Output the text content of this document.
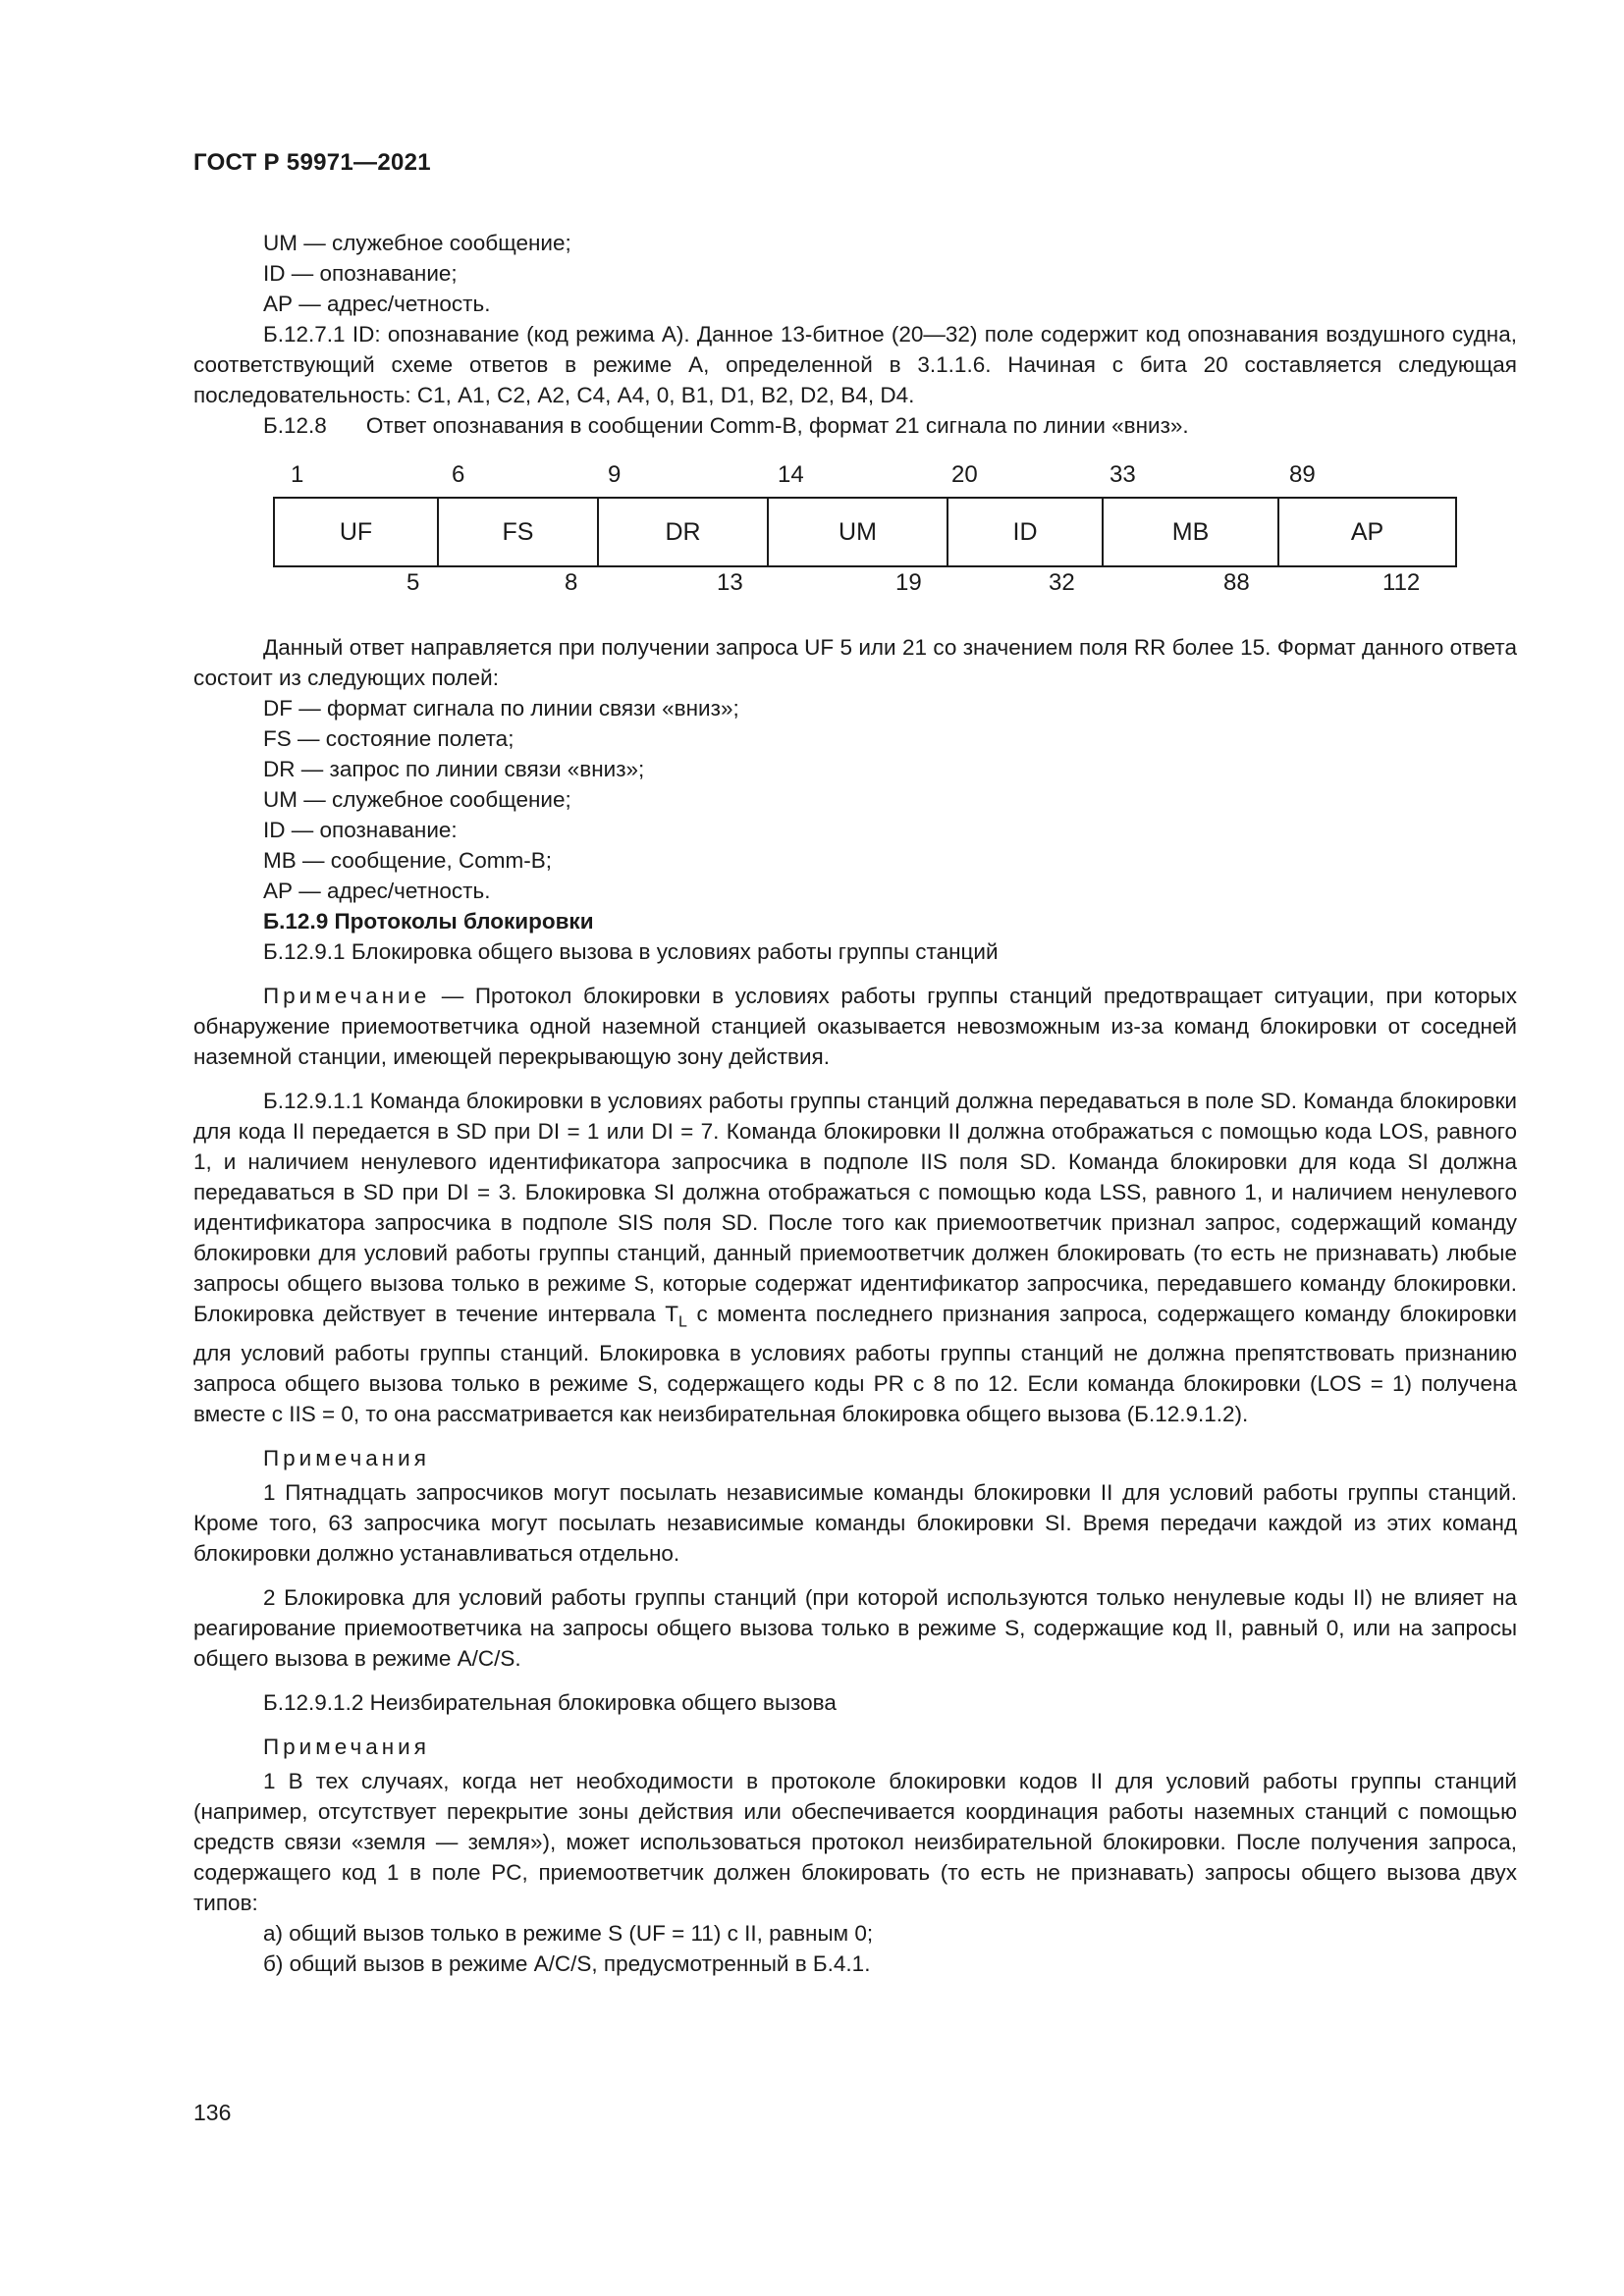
ГОСТ Р 59971—2021

UM — служебное сообщение;

ID — опознавание;

АР — адрес/четность.

Б.12.7.1 ID: опознавание (код режима А). Данное 13-битное (20—32) поле содержит код опознавания воздушного судна, соответствующий схеме ответов в режиме А, определенной в 3.1.1.6. Начиная с бита 20 составляется следующая последовательность: С1, А1, С2, А2, С4, А4, 0, В1, D1, В2, D2, В4, D4.

Б.12.8 Ответ опознавания в сообщении Comm-B, формат 21 сигнала по линии «вниз».

1	6	9	14	20	33	89
UF	FS	DR	UM	ID	MB	AP
5	8	13	19	32	88	112

Данный ответ направляется при получении запроса UF 5 или 21 со значением поля RR более 15. Формат данного ответа состоит из следующих полей:

DF — формат сигнала по линии связи «вниз»;

FS — состояние полета;

DR — запрос по линии связи «вниз»;

UM — служебное сообщение;

ID — опознавание:

МВ — сообщение, Comm-B;

АР — адрес/четность.

Б.12.9 Протоколы блокировки

Б.12.9.1 Блокировка общего вызова в условиях работы группы станций

Примечание — Протокол блокировки в условиях работы группы станций предотвращает ситуации, при которых обнаружение приемоответчика одной наземной станцией оказывается невозможным из-за команд блокировки от соседней наземной станции, имеющей перекрывающую зону действия.

Б.12.9.1.1 Команда блокировки в условиях работы группы станций должна передаваться в поле SD. Команда блокировки для кода II передается в SD при DI = 1 или DI = 7. Команда блокировки II должна отображаться с помощью кода LOS, равного 1, и наличием ненулевого идентификатора запросчика в подполе IIS поля SD. Команда блокировки для кода SI должна передаваться в SD при DI = 3. Блокировка SI должна отображаться с помощью кода LSS, равного 1, и наличием ненулевого идентификатора запросчика в подполе SIS поля SD. После того как приемоответчик признал запрос, содержащий команду блокировки для условий работы группы станций, данный приемоответчик должен блокировать (то есть не признавать) любые запросы общего вызова только в режиме S, которые содержат идентификатор запросчика, передавшего команду блокировки. Блокировка действует в течение интервала $Т_L$ с момента последнего признания запроса, содержащего команду блокировки для условий работы группы станций. Блокировка в условиях работы группы станций не должна препятствовать признанию запроса общего вызова только в режиме S, содержащего коды PR с 8 по 12. Если команда блокировки (LOS = 1) получена вместе с IIS = 0, то она рассматривается как неизбирательная блокировка общего вызова (Б.12.9.1.2).

Примечания

1 Пятнадцать запросчиков могут посылать независимые команды блокировки II для условий работы группы станций. Кроме того, 63 запросчика могут посылать независимые команды блокировки SI. Время передачи каждой из этих команд блокировки должно устанавливаться отдельно.

2 Блокировка для условий работы группы станций (при которой используются только ненулевые коды II) не влияет на реагирование приемоответчика на запросы общего вызова только в режиме S, содержащие код II, равный 0, или на запросы общего вызова в режиме A/C/S.

Б.12.9.1.2 Неизбирательная блокировка общего вызова

Примечания

1 В тех случаях, когда нет необходимости в протоколе блокировки кодов II для условий работы группы станций (например, отсутствует перекрытие зоны действия или обеспечивается координация работы наземных станций с помощью средств связи «земля — земля»), может использоваться протокол неизбирательной блокировки. После получения запроса, содержащего код 1 в поле PC, приемоответчик должен блокировать (то есть не признавать) запросы общего вызова двух типов:

а) общий вызов только в режиме S (UF = 11) с II, равным 0;

б) общий вызов в режиме A/C/S, предусмотренный в Б.4.1.

136
